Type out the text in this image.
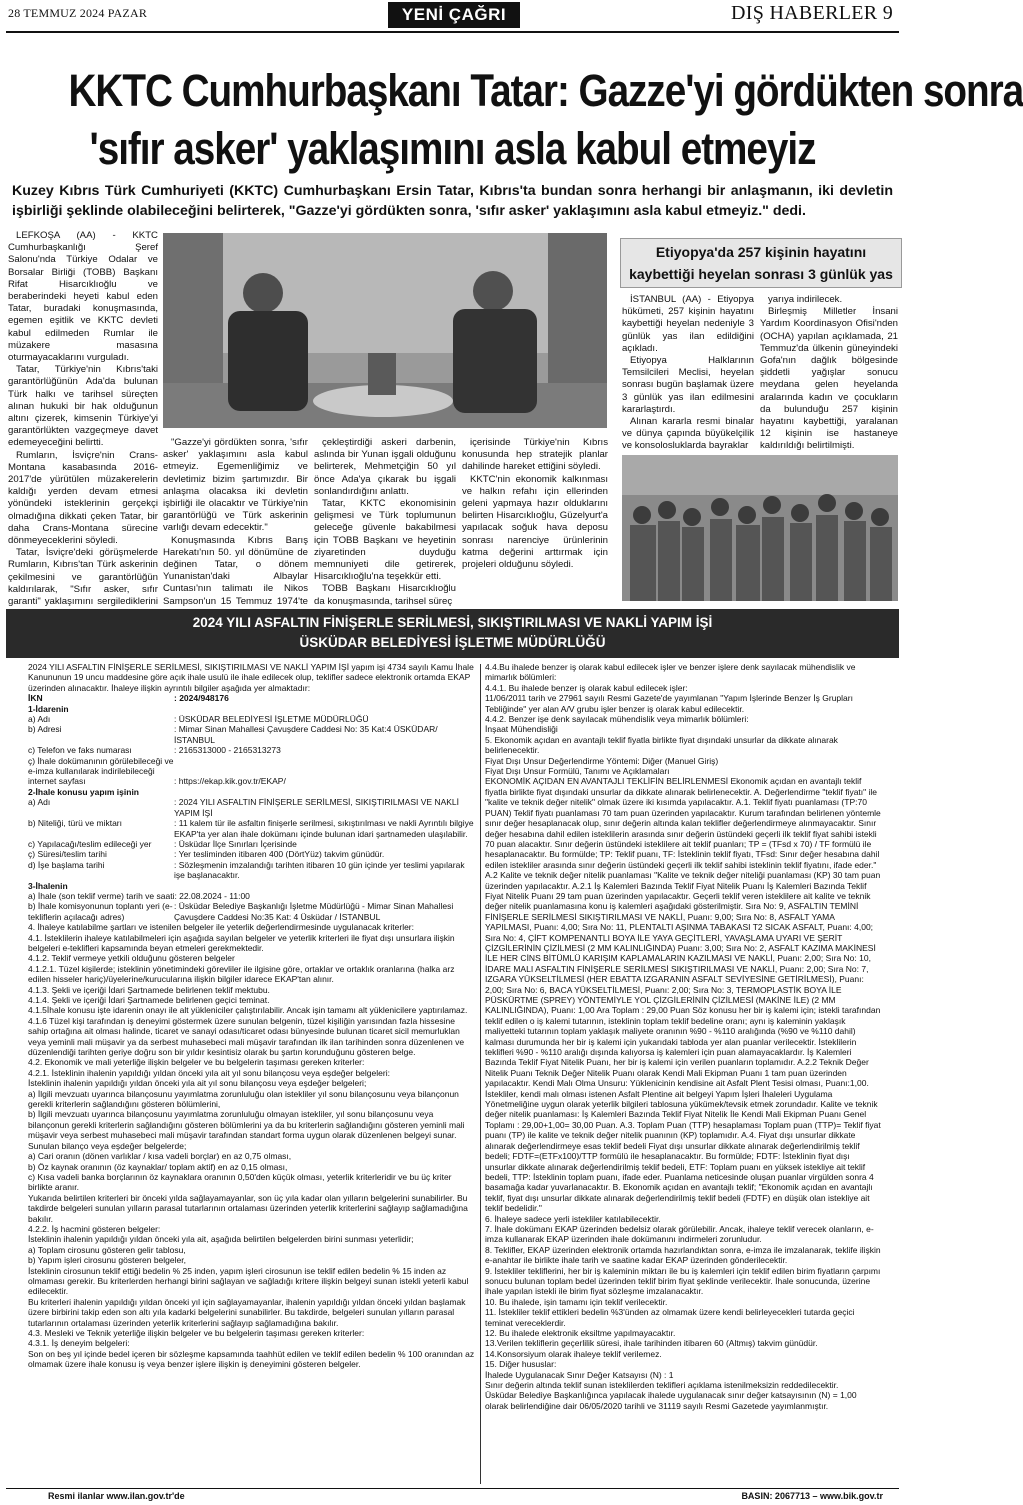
28 TEMMUZ 2024 PAZAR	YENİ ÇAĞRI	DIŞ HABERLER 9
KKTC Cumhurbaşkanı Tatar: Gazze'yi gördükten sonra
'sıfır asker' yaklaşımını asla kabul etmeyiz
Kuzey Kıbrıs Türk Cumhuriyeti (KKTC) Cumhurbaşkanı Ersin Tatar, Kıbrıs'ta bundan sonra herhangi bir anlaşmanın, iki devletin işbirliği şeklinde olabileceğini belirterek, "Gazze'yi gördükten sonra, 'sıfır asker' yaklaşımını asla kabul etmeyiz." dedi.

LEFKOŞA (AA) - KKTC Cumhurbaşkanlığı Şeref Salonu'nda Türkiye Odalar ve Borsalar Birliği (TOBB) Başkanı Rifat Hisarcıklıoğlu ve beraberindeki heyeti kabul eden Tatar, buradaki konuşmasında, egemen eşitlik ve KKTC devleti kabul edilmeden Rumlar ile müzakere masasına oturmayacaklarını vurguladı.

Tatar, Türkiye'nin Kıbrıs'taki garantörlüğünün Ada'da bulunan Türk halkı ve tarihsel süreçten alınan hukuki bir hak olduğunun altını çizerek, kimsenin Türkiye'yi garantörlükten vazgeçmeye davet edemeyeceğini belirtti.

Rumların, İsviçre'nin Crans-Montana kasabasında 2016-2017'de yürütülen müzakerelerin kaldığı yerden devam etmesi yönündeki isteklerinin gerçekçi olmadığına dikkati çeken Tatar, bir daha Crans-Montana sürecine dönmeyeceklerini söyledi.

Tatar, İsviçre'deki görüşmelerde Rumların, Kıbrıs'tan Türk askerinin çekilmesini ve garantörlüğün kaldırılarak, "Sıfır asker, sıfır garanti" yaklaşımını sergilediklerini

"Gazze'yi gördükten sonra, 'sıfır asker' yaklaşımını asla kabul etmeyiz. Egemenliğimiz ve devletimiz bizim şartımızdır. Bir anlaşma olacaksa iki devletin işbirliği ile olacaktır ve Türkiye'nin garantörlüğü ve Türk askerinin varlığı devam edecektir."

Konuşmasında Kıbrıs Barış Harekatı'nın 50. yıl dönümüne de değinen Tatar, o dönem Yunanistan'daki Albaylar Cuntası'nın talimatı ile Nikos Sampson'un 15 Temmuz 1974'te

çekleştirdiği askeri darbenin, aslında bir Yunan işgali olduğunu belirterek, Mehmetçiğin 50 yıl önce Ada'ya çıkarak bu işgali sonlandırdığını anlattı.

Tatar, KKTC ekonomisinin gelişmesi ve Türk toplumunun geleceğe güvenle bakabilmesi için TOBB Başkanı ve heyetinin ziyaretinden duyduğu memnuniyeti dile getirerek, Hisarcıklıoğlu'na teşekkür etti.

TOBB Başkanı Hisarcıklıoğlu da konuşmasında, tarihsel süreç

içerisinde Türkiye'nin Kıbrıs konusunda hep stratejik planlar dahilinde hareket ettiğini söyledi.

KKTC'nin ekonomik kalkınması ve halkın refahı için ellerinden geleni yapmaya hazır olduklarını belirten Hisarcıklıoğlu, Güzelyurt'a yapılacak soğuk hava deposu sonrası narenciye ürünlerinin katma değerini arttırmak için projeleri olduğunu söyledi.

Etiyopya'da 257 kişinin hayatını
kaybettiği heyelan sonrası 3 günlük yas

İSTANBUL (AA) - Etiyopya hükümeti, 257 kişinin hayatını kaybettiği heyelan nedeniyle 3 günlük yas ilan edildiğini açıkladı.

Etiyopya Halklarının Temsilcileri Meclisi, heyelan sonrası bugün başlamak üzere 3 günlük yas ilan edilmesini kararlaştırdı.

Alınan kararla resmi binalar ve dünya çapında büyükelçilik ve konsolosluklarda bayraklar

yarıya indirilecek.

Birleşmiş Milletler İnsani Yardım Koordinasyon Ofisi'nden (OCHA) yapılan açıklamada, 21 Temmuz'da ülkenin güneyindeki Gofa'nın dağlık bölgesinde şiddetli yağışlar sonucu meydana gelen heyelanda aralarında kadın ve çocukların da bulunduğu 257 kişinin hayatını kaybettiği, yaralanan 12 kişinin ise hastaneye kaldırıldığı belirtilmişti.

2024 YILI ASFALTIN FİNİŞERLE SERİLMESİ, SIKIŞTIRILMASI VE NAKLİ YAPIM İŞİ
ÜSKÜDAR BELEDİYESİ İŞLETME MÜDÜRLÜĞÜ
2024 YILI ASFALTIN FİNİŞERLE SERİLMESİ, SIKIŞTIRILMASI VE NAKLİ YAPIM İŞİ yapım işi 4734 sayılı Kamu İhale Kanununun 19 uncu maddesine göre açık ihale usulü ile ihale edilecek olup, teklifler sadece elektronik ortamda EKAP üzerinden alınacaktır. İhaleye ilişkin ayrıntılı bilgiler aşağıda yer almaktadır:
İKN	: 2024/948176
1-İdarenin
a) Adı	: ÜSKÜDAR BELEDİYESİ İŞLETME MÜDÜRLÜĞÜ
b) Adresi	: Mimar Sinan Mahallesi Çavuşdere Caddesi No: 35 Kat:4 ÜSKÜDAR/İSTANBUL
c) Telefon ve faks numarası	: 2165313000 - 2165313273
ç) İhale dokümanının görülebileceği ve e-imza kullanılarak indirilebileceği internet sayfası	: https://ekap.kik.gov.tr/EKAP/
2-İhale konusu yapım işinin
a) Adı	: 2024 YILI ASFALTIN FİNİŞERLE SERİLMESİ, SIKIŞTIRILMASI VE NAKLİ YAPIM İŞİ
b) Niteliği, türü ve miktarı	: 11 kalem tür ile asfaltın finişerle serilmesi, sıkıştırılması ve nakli Ayrıntılı bilgiye EKAP'ta yer alan ihale dokümanı içinde bulunan idari şartnameden ulaşılabilir.
c) Yapılacağı/teslim edileceği yer	: Üsküdar İlçe Sınırları İçerisinde
ç) Süresi/teslim tarihi	: Yer tesliminden itibaren 400 (DörtYüz) takvim günüdür.
d) İşe başlama tarihi	: Sözleşmenin imzalandığı tarihten itibaren 10 gün içinde yer teslimi yapılarak işe başlanacaktır.
3-İhalenin
a) İhale (son teklif verme) tarih ve saati: 22.08.2024 - 11:00
b) İhale komisyonunun toplantı yeri (e-tekliflerin açılacağı adres)
: Üsküdar Belediye Başkanlığı İşletme Müdürlüğü - Mimar Sinan Mahallesi Çavuşdere Caddesi No:35 Kat: 4 Üsküdar / İSTANBUL
4. İhaleye katılabilme şartları ve istenilen belgeler ile yeterlik değerlendirmesinde uygulanacak kriterler:
4.1. İsteklilerin ihaleye katılabilmeleri için aşağıda sayılan belgeler ve yeterlik kriterleri ile fiyat dışı unsurlara ilişkin belgeleri e-teklifleri kapsamında beyan etmeleri gerekmektedir.
4.1.2. Teklif vermeye yetkili olduğunu gösteren belgeler
4.1.2.1. Tüzel kişilerde; isteklinin yönetimindeki görevliler ile ilgisine göre, ortaklar ve ortaklık oranlarına (halka arz edilen hisseler hariç)/üyelerine/kurucularına ilişkin bilgiler idarece EKAP'tan alınır.
4.1.3. Şekli ve içeriği İdari Şartnamede belirlenen teklif mektubu.
4.1.4. Şekli ve içeriği İdari Şartnamede belirlenen geçici teminat.
4.1.5İhale konusu işte idarenin onayı ile alt yükleniciler çalıştırılabilir. Ancak işin tamamı alt yüklenicilere yaptırılamaz.
4.1.6 Tüzel kişi tarafından iş deneyimi göstermek üzere sunulan belgenin, tüzel kişiliğin yarısından fazla hissesine sahip ortağına ait olması halinde, ticaret ve sanayi odası/ticaret odası bünyesinde bulunan ticaret sicil memurluklan veya yeminli mali müşavir ya da serbest muhasebeci mali müşavir tarafından ilk ilan tarihinden sonra düzenlenen ve düzenlendiği tarihten geriye doğru son bir yıldır kesintisiz olarak bu şartın korunduğunu gösteren belge.
4.2. Ekonomik ve mali yeterliğe ilişkin belgeler ve bu belgelerin taşıması gereken kriterler:
4.2.1. İsteklinin ihalenin yapıldığı yıldan önceki yıla ait yıl sonu bilançosu veya eşdeğer belgeleri:
İsteklinin ihalenin yapıldığı yıldan önceki yıla ait yıl sonu bilançosu veya eşdeğer belgeleri;
a) İlgili mevzuatı uyarınca bilançosunu yayımlatma zorunluluğu olan istekliler yıl sonu bilançosunu veya bilançonun gerekli kriterlerin sağlandığını gösteren bölümlerini,
b) İlgili mevzuatı uyarınca bilançosunu yayımlatma zorunluluğu olmayan istekliler, yıl sonu bilançosunu veya bilançonun gerekli kriterlerin sağlandığını gösteren bölümlerini ya da bu kriterlerin sağlandığını gösteren yeminli mali müşavir veya serbest muhasebeci mali müşavir tarafından standart forma uygun olarak düzenlenen belgeyi sunar.
Sunulan bilanço veya eşdeğer belgelerde;
a) Cari oranın (dönen varlıklar / kısa vadeli borçlar) en az 0,75 olması,
b) Öz kaynak oranının (öz kaynaklar/ toplam aktif) en az 0,15 olması,
c) Kısa vadeli banka borçlarının öz kaynaklara oranının 0,50'den küçük olması, yeterlik kriterleridir ve bu üç kriter birlikte aranır.
Yukarıda belirtilen kriterleri bir önceki yılda sağlayamayanlar, son üç yıla kadar olan yılların belgelerini sunabilirler. Bu takdirde belgeleri sunulan yılların parasal tutarlarının ortalaması üzerinden yeterlik kriterlerini sağlayıp sağlamadığına bakılır.
4.2.2. İş hacmini gösteren belgeler:
İsteklinin ihalenin yapıldığı yıldan önceki yıla ait, aşağıda belirtilen belgelerden birini sunması yeterlidir;
a) Toplam cirosunu gösteren gelir tablosu,
b) Yapım işleri cirosunu gösteren belgeler,
İsteklinin cirosunun teklif ettiği bedelin % 25 inden, yapım işleri cirosunun ise teklif edilen bedelin % 15 inden az olmaması gerekir. Bu kriterlerden herhangi birini sağlayan ve sağladığı kritere ilişkin belgeyi sunan istekli yeterli kabul edilecektir.
Bu kriterleri ihalenin yapıldığı yıldan önceki yıl için sağlayamayanlar, ihalenin yapıldığı yıldan önceki yıldan başlamak üzere birbirini takip eden son altı yıla kadarki belgelerini sunabilirler. Bu takdirde, belgeleri sunulan yılların parasal tutarlarının ortalaması üzerinden yeterlik kriterlerini sağlayıp sağlamadığına bakılır.
4.3. Mesleki ve Teknik yeterliğe ilişkin belgeler ve bu belgelerin taşıması gereken kriterler:
4.3.1. İş deneyim belgeleri:
Son on beş yıl içinde bedel içeren bir sözleşme kapsamında taahhüt edilen ve teklif edilen bedelin % 100 oranından az olmamak üzere ihale konusu iş veya benzer işlere ilişkin iş deneyimini gösteren belgeler.
4.4.Bu ihalede benzer iş olarak kabul edilecek işler ve benzer işlere denk sayılacak mühendislik ve mimarlık bölümleri:
4.4.1. Bu ihalede benzer iş olarak kabul edilecek işler:
11/06/2011 tarih ve 27961 sayılı Resmi Gazete'de yayımlanan "Yapım İşlerinde Benzer İş Grupları Tebliğinde" yer alan A/V grubu işler benzer iş olarak kabul edilecektir.
4.4.2. Benzer işe denk sayılacak mühendislik veya mimarlık bölümleri:
İnşaat Mühendisliği
5. Ekonomik açıdan en avantajlı teklif fiyatla birlikte fiyat dışındaki unsurlar da dikkate alınarak belirlenecektir.
Fiyat Dışı Unsur Değerlendirme Yöntemi: Diğer (Manuel Giriş)
Fiyat Dışı Unsur Formülü, Tanımı ve Açıklamaları
EKONOMİK AÇIDAN EN AVANTAJLI TEKLİFİN BELİRLENMESİ Ekonomik açıdan en avantajlı teklif fiyatla birlikte fiyat dışındaki unsurlar da dikkate alınarak belirlenecektir. A. Değerlendirme "teklif fiyatı" ile "kalite ve teknik değer nitelik" olmak üzere iki kısımda yapılacaktır. A.1. Teklif fiyatı puanlaması (TP:70 PUAN) Teklif fiyatı puanlaması 70 tam puan üzerinden yapılacaktır. Kurum tarafından belirlenen yöntemle sınır değer hesaplanacak olup, sınır değerin altında kalan teklifler değerlendirmeye alınmayacaktır. Sınır değer hesabına dahil edilen isteklilerin arasında sınır değerin üstündeki geçerli ilk teklif fiyat sahibi istekli 70 puan alacaktır. Sınır değerin üstündeki isteklilere ait teklif puanları; TP = (TFsd x 70) / TF formülü ile hesaplanacaktır. Bu formülde; TP: Teklif puanı, TF: İsteklinin teklif fiyatı, TFsd: Sınır değer hesabına dahil edilen istekliler arasında sınır değerin üstündeki geçerli ilk teklif sahibi isteklinin teklif fiyatını, ifade eder." A.2 Kalite ve teknik değer nitelik puanlaması "Kalite ve teknik değer niteliği puanlaması (KP) 30 tam puan üzerinden yapılacaktır. A.2.1 İş Kalemleri Bazında Teklif Fiyat Nitelik Puanı İş Kalemleri Bazında Teklif Fiyat Nitelik Puanı 29 tam puan üzerinden yapılacaktır. Geçerli teklif veren isteklilere ait kalite ve teknik değer nitelik puanlamasına konu iş kalemleri aşağıdaki gösterilmiştir. Sıra No: 9, ASFALTIN TEMİNİ FİNİŞERLE SERİLMESİ SIKIŞTIRILMASI VE NAKLİ, Puanı: 9,00; Sıra No: 8, ASFALT YAMA YAPILMASI, Puanı: 4,00; Sıra No: 11, PLENTALTI AŞINMA TABAKASI T2 SICAK ASFALT, Puanı: 4,00; Sıra No: 4, ÇİFT KOMPENANTLI BOYA İLE YAYA GEÇİTLERİ, YAVAŞLAMA UYARI VE ŞERİT ÇİZGİLERİNİN ÇİZİLMESİ (2 MM KALINLIĞINDA) Puanı: 3,00; Sıra No: 2, ASFALT KAZIMA MAKİNESİ İLE HER CİNS BİTÜMLÜ KARIŞIM KAPLAMALARIN KAZILMASI VE NAKLİ, Puanı: 2,00; Sıra No: 10, İDARE MALI ASFALTIN FİNİŞERLE SERİLMESİ SIKIŞTIRILMASI VE NAKLİ, Puanı: 2,00; Sıra No: 7, IZGARA YÜKSELTİLMESİ (HER EBATTA IZGARANIN ASFALT SEVİYESİNE GETİRİLMESİ), Puanı: 2,00; Sıra No: 6, BACA YÜKSELTİLMESİ, Puanı: 2,00; Sıra No: 3, TERMOPLASTİK BOYA İLE PÜSKÜRTME (SPREY) YÖNTEMİYLE YOL ÇİZGİLERİNİN ÇİZİLMESİ (MAKİNE İLE) (2 MM KALINLIĞINDA), Puanı: 1,00 Ara Toplam : 29,00 Puan Söz konusu her bir iş kalemi için; istekli tarafından teklif edilen o iş kalemi tutarının, isteklinin toplam teklif bedeline oranı; aynı iş kaleminin yaklaşık maliyetteki tutarının toplam yaklaşık maliyete oranının %90 - %110 aralığında (%90 ve %110 dahil) kalması durumunda her bir iş kalemi için yukarıdaki tabloda yer alan puanlar verilecektir. İsteklilerin teklifleri %90 - %110 aralığı dışında kalıyorsa iş kalemleri için puan alamayacaklardır. İş Kalemleri Bazında Teklif Fiyat Nitelik Puanı, her bir iş kalemi için verilen puanların toplamıdır. A.2.2 Teknik Değer Nitelik Puanı Teknik Değer Nitelik Puanı olarak Kendi Mali Ekipman Puanı 1 tam puan üzerinden yapılacaktır. Kendi Malı Olma Unsuru: Yüklenicinin kendisine ait Asfalt Plent Tesisi olması, Puanı:1,00. İstekliler, kendi malı olması istenen Asfalt Plentine ait belgeyi Yapım İşleri İhaleleri Uygulama Yönetmeliğine uygun olarak yeterlik bilgileri tablosuna yükümek/tevsik etmek zorundadır. Kalite ve teknik değer nitelik puanlaması: İş Kalemleri Bazında Teklif Fiyat Nitelik İle Kendi Mali Ekipman Puanı Genel Toplamı : 29,00+1,00= 30,00 Puan. A.3. Toplam Puan (TTP) hesaplaması Toplam puan (TTP)= Teklif fiyat puanı (TP) ile kalite ve teknik değer nitelik puanının (KP) toplamıdır. A.4. Fiyat dışı unsurlar dikkate alınarak değerlendirmeye esas teklif bedeli Fiyat dışı unsurlar dikkate alınarak değerlendirilmiş teklif bedeli; FDTF=(ETFx100)/TTP formülü ile hesaplanacaktır. Bu formülde; FDTF: İsteklinin fiyat dışı unsurlar dikkate alınarak değerlendirilmiş teklif bedeli, ETF: Toplam puanı en yüksek istekliye ait teklif bedeli, TTP: İsteklinin toplam puanı, ifade eder. Puanlama neticesinde oluşan puanlar virgülden sonra 4 basamağa kadar yuvarlanacaktır. B. Ekonomik açıdan en avantajlı teklif; "Ekonomik açıdan en avantajlı teklif, fiyat dışı unsurlar dikkate alınarak değerlendirilmiş teklif bedeli (FDTF) en düşük olan istekliye ait teklif bedelidir."
6. İhaleye sadece yerli istekliler katılabilecektir.
7. İhale dokümanı EKAP üzerinden bedelsiz olarak görülebilir. Ancak, ihaleye teklif verecek olanların, e-imza kullanarak EKAP üzerinden ihale dokümanını indirmeleri zorunludur.
8. Teklifler, EKAP üzerinden elektronik ortamda hazırlandıktan sonra, e-imza ile imzalanarak, teklife ilişkin e-anahtar ile birlikte ihale tarih ve saatine kadar EKAP üzerinden gönderilecektir.
9. İstekliler tekliflerini, her bir iş kaleminin miktarı ile bu iş kalemleri için teklif edilen birim fiyatların çarpımı sonucu bulunan toplam bedel üzerinden teklif birim fiyat şeklinde verilecektir. İhale sonucunda, üzerine ihale yapılan istekli ile birim fiyat sözleşme imzalanacaktır.
10. Bu ihalede, işin tamamı için teklif verilecektir.
11. İstekliler teklif ettikleri bedelin %3'ünden az olmamak üzere kendi belirleyecekleri tutarda geçici teminat vereceklerdir.
12. Bu ihalede elektronik eksiltme yapılmayacaktır.
13.Verilen tekliflerin geçerlilik süresi, ihale tarihinden itibaren 60 (Altmış) takvim günüdür.
14.Konsorsiyum olarak ihaleye teklif verilemez.
15. Diğer hususlar:
İhalede Uygulanacak Sınır Değer Katsayısı (N) : 1
Sınır değerin altında teklif sunan isteklilerden teklifleri açıklama istenilmeksizin reddedilecektir.
Üsküdar Belediye Başkanlığınca yapılacak ihalede uygulanacak sınır değer katsayısının (N) = 1,00 olarak belirlendiğine dair 06/05/2020 tarihli ve 31119 sayılı Resmi Gazetede yayımlanmıştır.
Resmi ilanlar www.ilan.gov.tr'de	BASIN: 2067713 – www.bik.gov.tr
